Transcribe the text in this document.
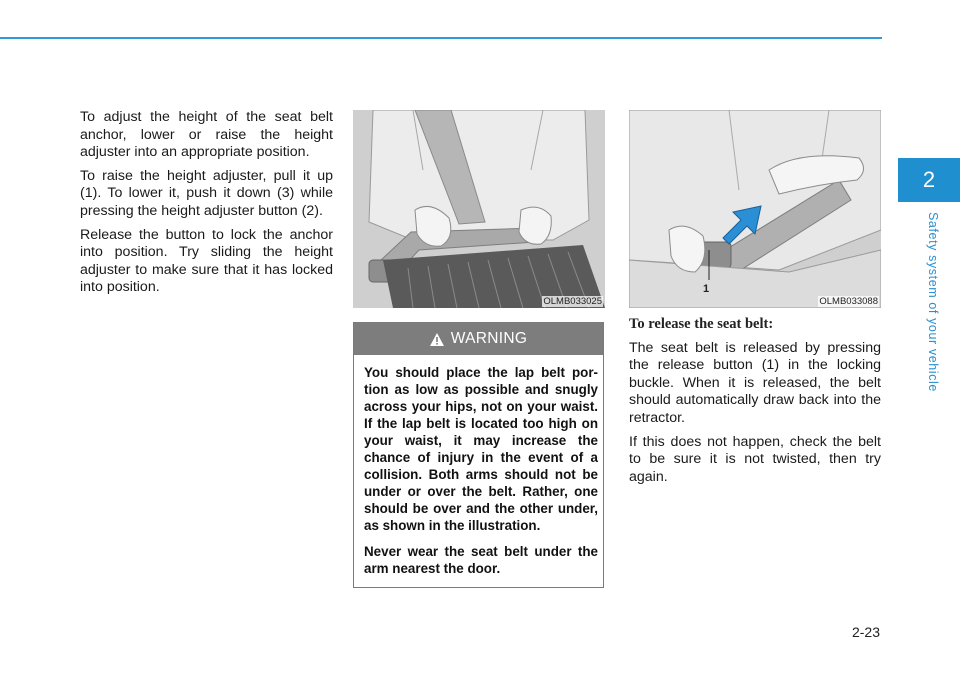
2
Safety system of your vehicle

To adjust the height of the seat belt anchor, lower or raise the height adjuster into an appropriate position.

To raise the height adjuster, pull it up (1). To lower it, push it down (3) while pressing the height adjuster button (2).

Release the button to lock the anchor into position. Try sliding the height adjuster to make sure that it has locked into position.

OLMB033025
1
OLMB033088
WARNING

You should place the lap belt portion as low as possible and snugly across your hips, not on your waist. If the lap belt is located too high on your waist, it may increase the chance of injury in the event of a collision. Both arms should not be under or over the belt. Rather, one should be over and the other under, as shown in the illustration.

Never wear the seat belt under the arm nearest the door.

To release the seat belt:

The seat belt is released by pressing the release button (1) in the locking buckle. When it is released, the belt should automatically draw back into the retractor.

If this does not happen, check the belt to be sure it is not twisted, then try again.

2-23
